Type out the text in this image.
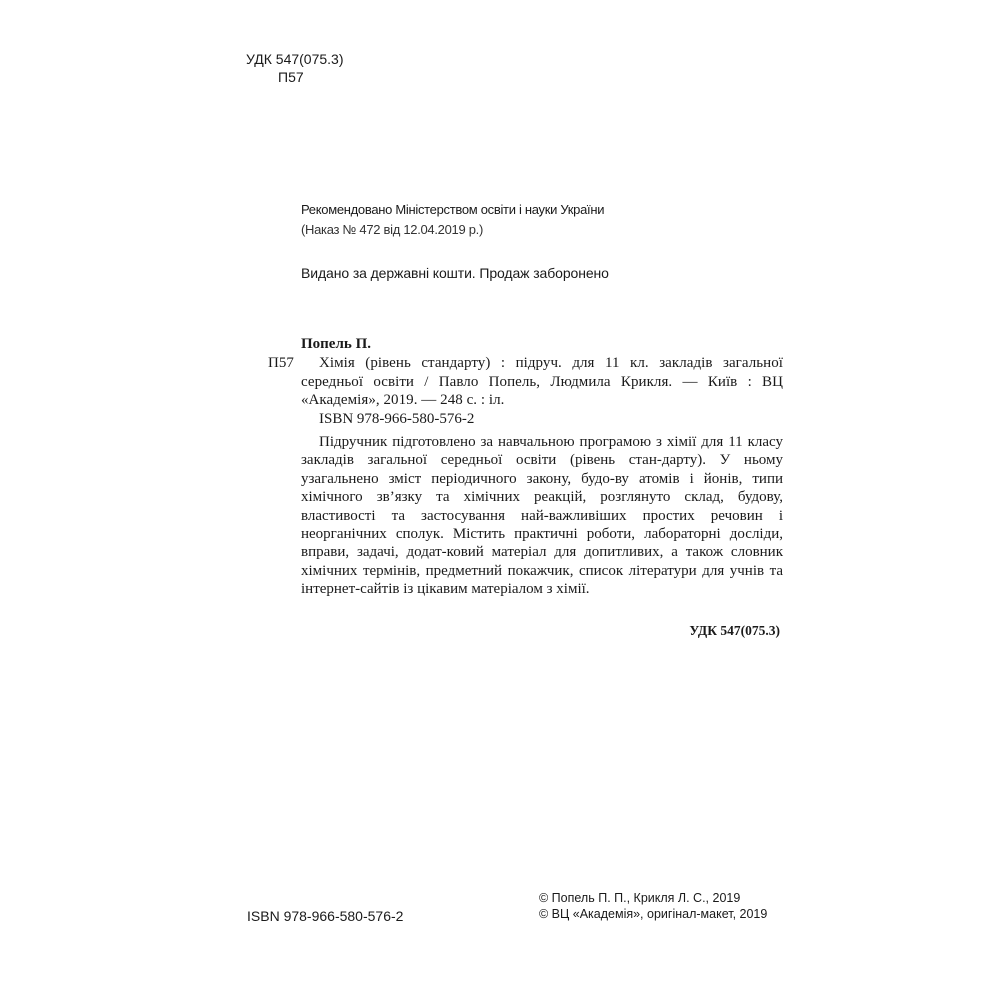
УДК 547(075.3)
П57
Рекомендовано Міністерством освіти і науки України
(Наказ № 472 від 12.04.2019 р.)
Видано за державні кошти. Продаж заборонено
Попель П.
П57	Хімія (рівень стандарту) : підруч. для 11 кл. закладів загальної середньої освіти / Павло Попель, Людмила Крикля. — Київ : ВЦ «Академія», 2019. — 248 с. : іл.
ISBN 978-966-580-576-2
Підручник підготовлено за навчальною програмою з хімії для 11 класу закладів загальної середньої освіти (рівень стан-дарту). У ньому узагальнено зміст періодичного закону, будо-ву атомів і йонів, типи хімічного зв’язку та хімічних реакцій, розглянуто склад, будову, властивості та застосування най-важливіших простих речовин і неорганічних сполук. Містить практичні роботи, лабораторні досліди, вправи, задачі, додат-ковий матеріал для допитливих, а також словник хімічних термінів, предметний покажчик, список літератури для учнів та інтернет-сайтів із цікавим матеріалом з хімії.
УДК 547(075.3)
ISBN 978-966-580-576-2
© Попель П. П., Крикля Л. С., 2019
© ВЦ «Академія», оригінал-макет, 2019
